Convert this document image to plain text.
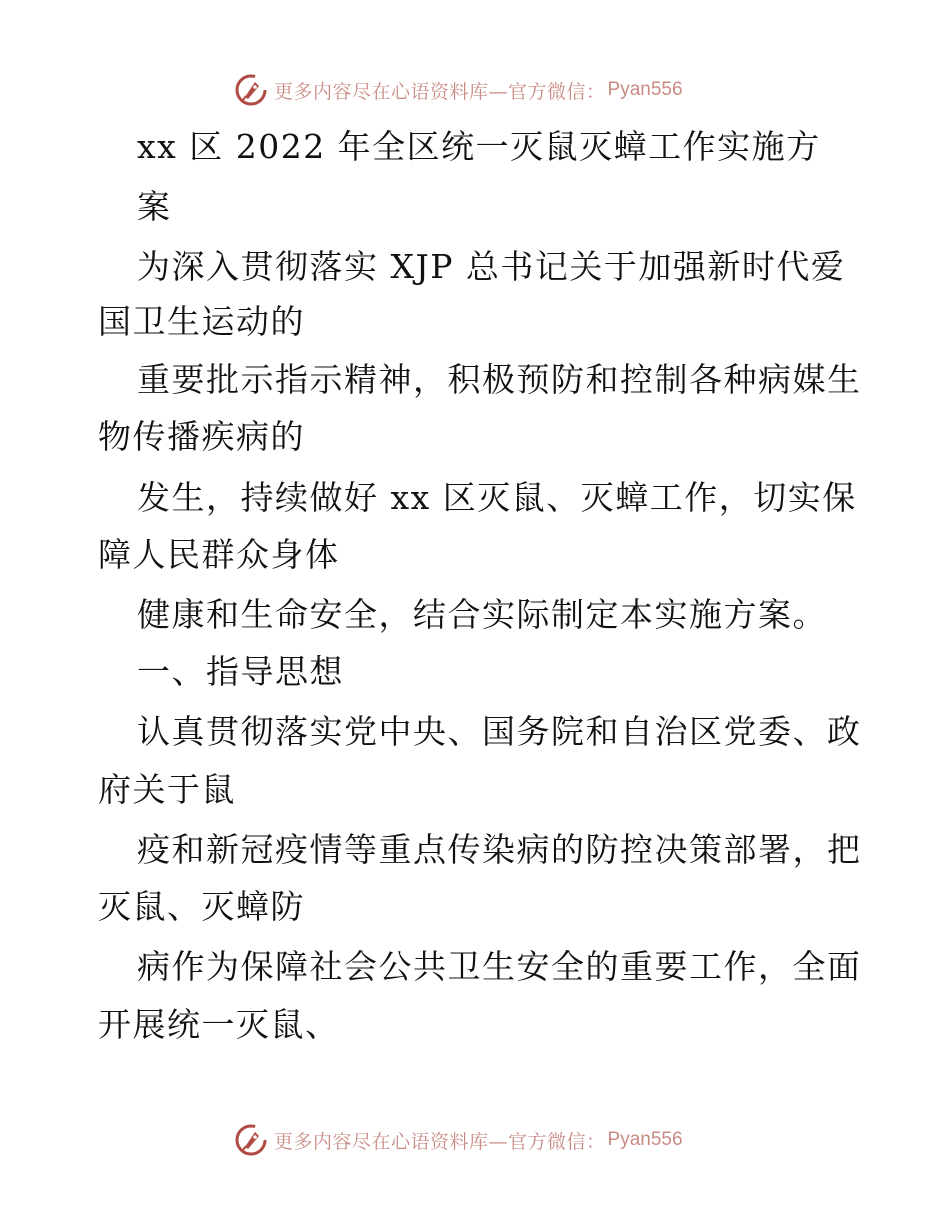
更多内容尽在心语资料库—官方微信： Pyan556
xx 区 2022 年全区统一灭鼠灭蟑工作实施方
案
为深入贯彻落实 XJP 总书记关于加强新时代爱
国卫生运动的
重要批示指示精神，积极预防和控制各种病媒生
物传播疾病的
发生，持续做好 xx 区灭鼠、灭蟑工作，切实保
障人民群众身体
健康和生命安全，结合实际制定本实施方案。
一、指导思想
认真贯彻落实党中央、国务院和自治区党委、政
府关于鼠
疫和新冠疫情等重点传染病的防控决策部署，把
灭鼠、灭蟑防
病作为保障社会公共卫生安全的重要工作，全面
开展统一灭鼠、
更多内容尽在心语资料库—官方微信： Pyan556
